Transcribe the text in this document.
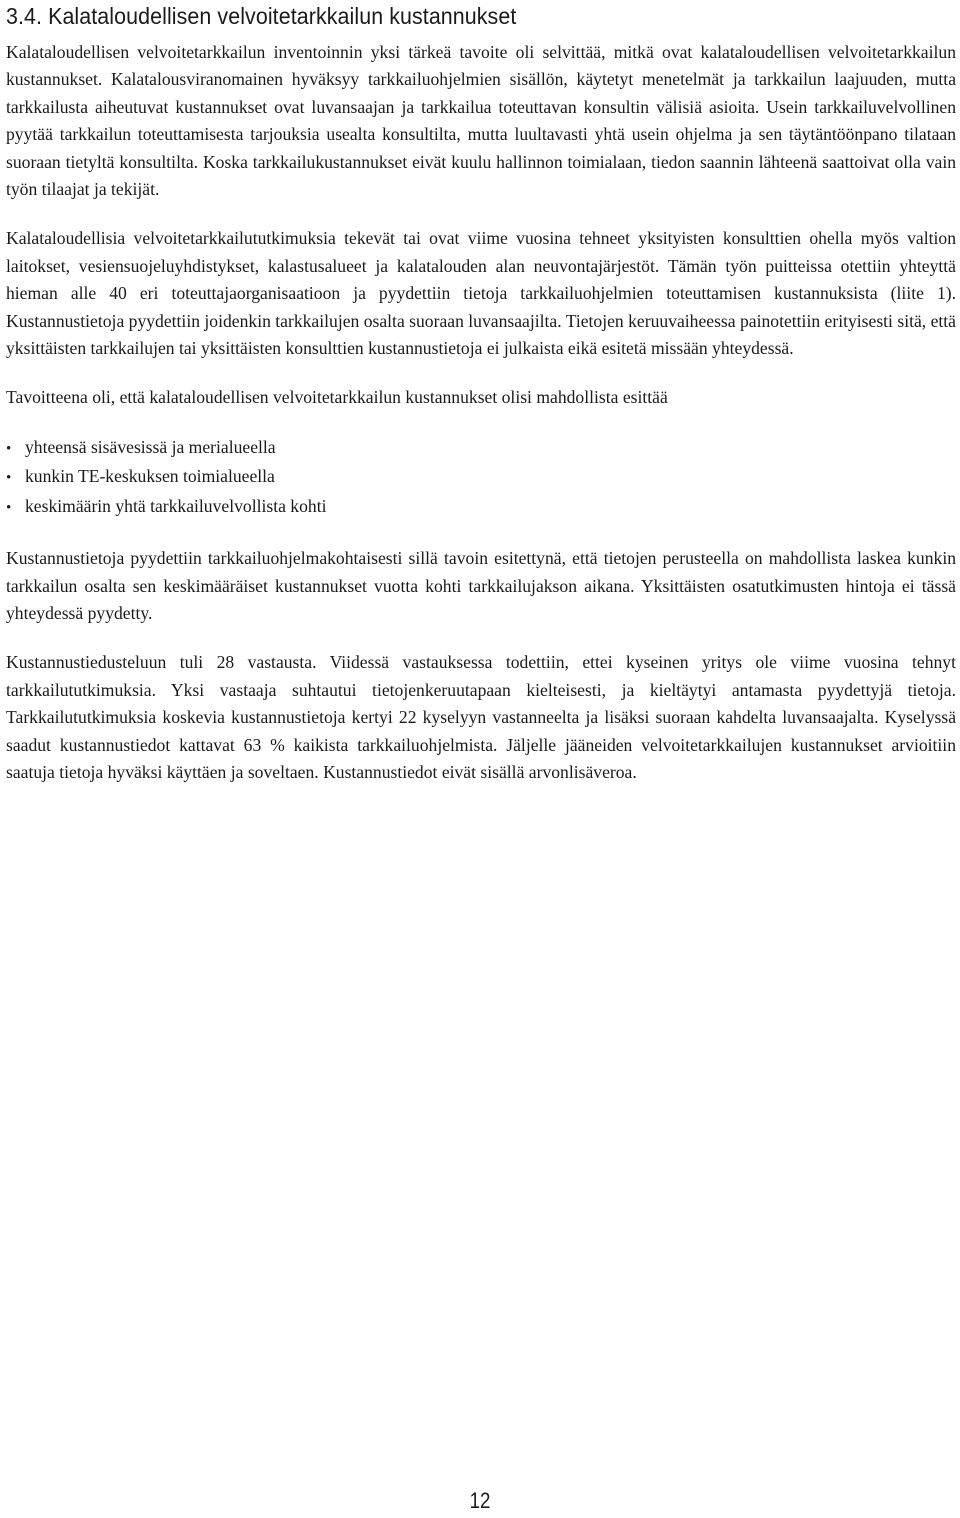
3.4. Kalataloudellisen velvoitetarkkailun kustannukset

Kalataloudellisen velvoitetarkkailun inventoinnin yksi tärkeä tavoite oli selvittää, mitkä ovat kalataloudellisen velvoitetarkkailun kustannukset. Kalatalousviranomainen hyväksyy tarkkailuohjelmien sisällön, käytetyt menetelmät ja tarkkailun laajuuden, mutta tarkkailusta aiheutuvat kustannukset ovat luvansaajan ja tarkkailua toteuttavan konsultin välisiä asioita. Usein tarkkailuvelvollinen pyytää tarkkailun toteuttamisesta tarjouksia usealta konsultilta, mutta luultavasti yhtä usein ohjelma ja sen täytäntöönpano tilataan suoraan tietyltä konsultilta. Koska tarkkailukustannukset eivät kuulu hallinnon toimialaan, tiedon saannin lähteenä saattoivat olla vain työn tilaajat ja tekijät.

Kalataloudellisia velvoitetarkkailututkimuksia tekevät tai ovat viime vuosina tehneet yksityisten konsulttien ohella myös valtion laitokset, vesiensuojeluyhdistykset, kalastusalueet ja kalatalouden alan neuvontajärjestöt. Tämän työn puitteissa otettiin yhteyttä hieman alle 40 eri toteuttajaorganisaatioon ja pyydettiin tietoja tarkkailuohjelmien toteuttamisen kustannuksista (liite 1). Kustannustietoja pyydettiin joidenkin tarkkailujen osalta suoraan luvansaajilta. Tietojen keruuvaiheessa painotettiin erityisesti sitä, että yksittäisten tarkkailujen tai yksittäisten konsulttien kustannustietoja ei julkaista eikä esitetä missään yhteydessä.

Tavoitteena oli, että kalataloudellisen velvoitetarkkailun kustannukset olisi mahdollista esittää

• yhteensä sisävesissä ja merialueella
• kunkin TE-keskuksen toimialueella
• keskimäärin yhtä tarkkailuvelvollista kohti

Kustannustietoja pyydettiin tarkkailuohjelmakohtaisesti sillä tavoin esitettynä, että tietojen perusteella on mahdollista laskea kunkin tarkkailun osalta sen keskimääräiset kustannukset vuotta kohti tarkkailujakson aikana. Yksittäisten osatutkimusten hintoja ei tässä yhteydessä pyydetty.

Kustannustiedusteluun tuli 28 vastausta. Viidessä vastauksessa todettiin, ettei kyseinen yritys ole viime vuosina tehnyt tarkkailututkimuksia. Yksi vastaaja suhtautui tietojenkeruutapaan kielteisesti, ja kieltäytyi antamasta pyydettyjä tietoja. Tarkkailututkimuksia koskevia kustannustietoja kertyi 22 kyselyyn vastanneelta ja lisäksi suoraan kahdelta luvansaajalta. Kyselyssä saadut kustannustiedot kattavat 63 % kaikista tarkkailuohjelmista. Jäljelle jääneiden velvoitetarkkailujen kustannukset arvioitiin saatuja tietoja hyväksi käyttäen ja soveltaen. Kustannustiedot eivät sisällä arvonlisäveroa.

12
